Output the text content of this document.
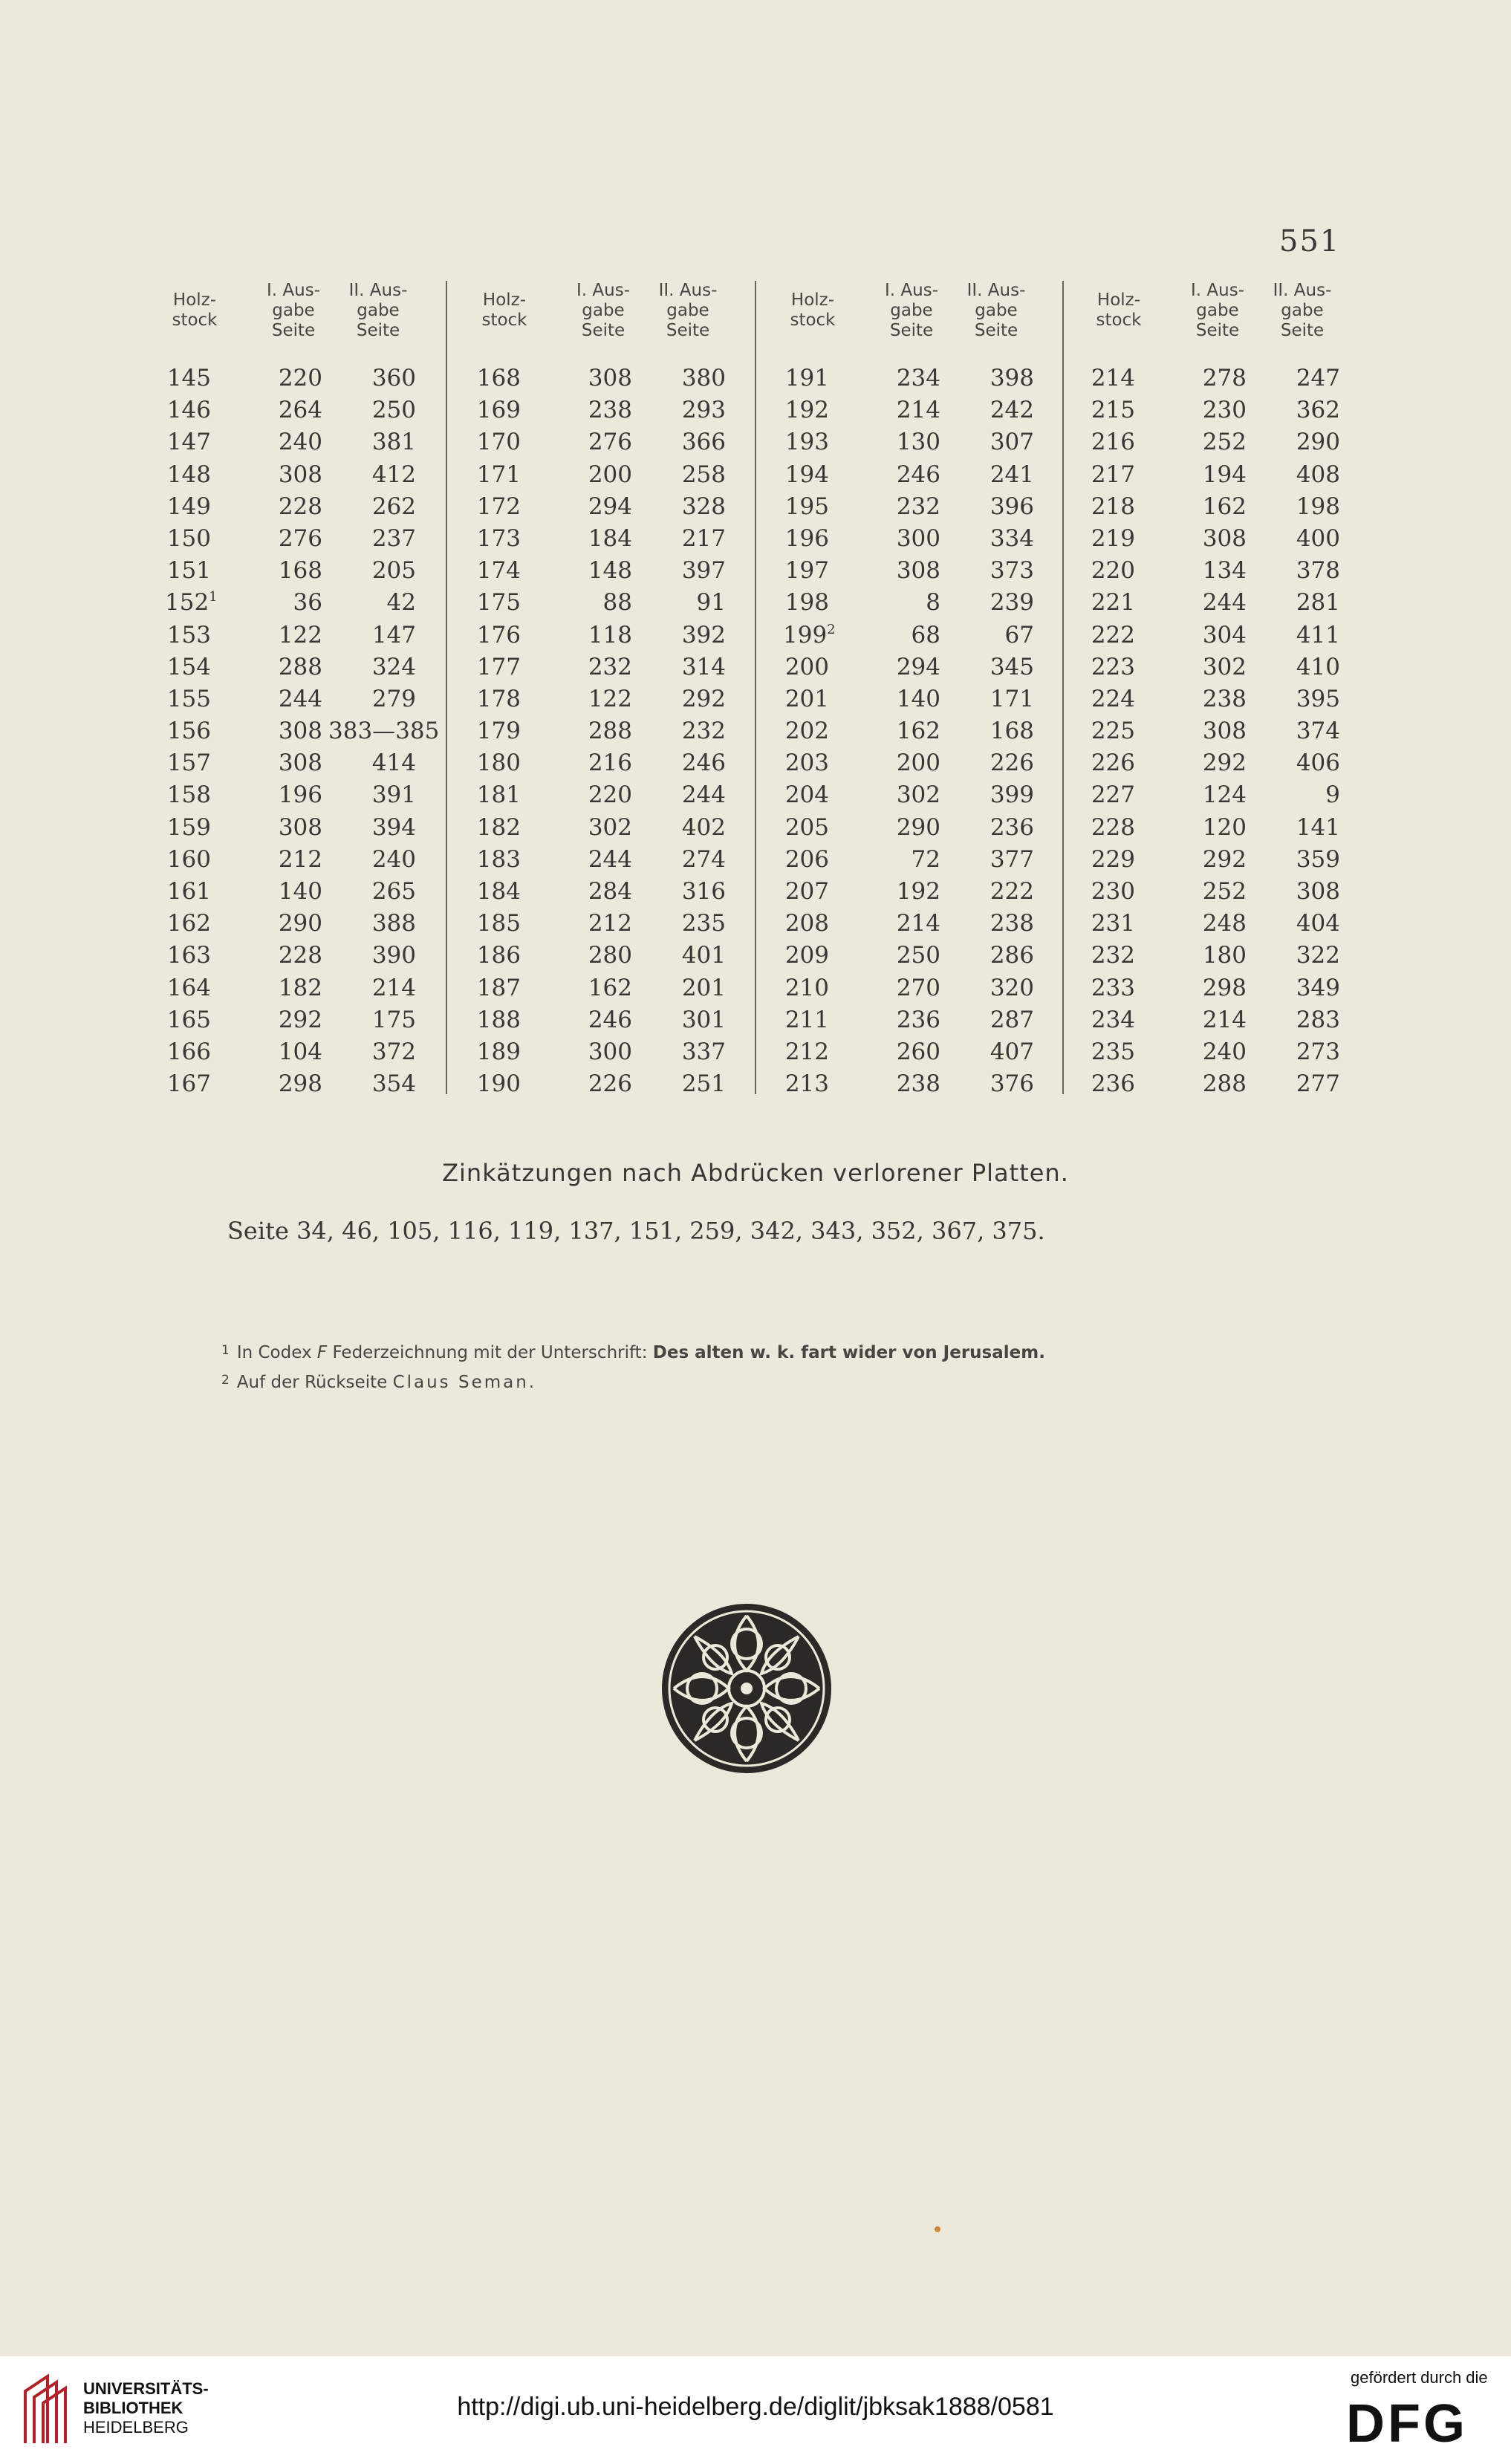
551
Holz-
stock
I. Aus-
gabe
Seite
II. Aus-
gabe
Seite
145	220	360
146	264	250
147	240	381
148	308	412
149	228	262
150	276	237
151	168	205
$152^1$	36	42
153	122	147
154	288	324
155	244	279
156	308 383—385
157	308	414
158	196	391
159	308	394
160	212	240
161	140	265
162	290	388
163	228	390
164	182	214
165	292	175
166	104	372
167	298	354
Holz-
stock
I. Aus-
gabe
Seite
II. Aus-
gabe
Seite
168	308	380
169	238	293
170	276	366
171	200	258
172	294	328
173	184	217
174	148	397
175	88	91
176	118	392
177	232	314
178	122	292
179	288	232
180	216	246
181	220	244
182	302	402
183	244	274
184	284	316
185	212	235
186	280	401
187	162	201
188	246	301
189	300	337
190	226	251
Holz-
stock
I. Aus-
gabe
Seite
II. Aus-
gabe
Seite
191	234	398
192	214	242
193	130	307
194	246	241
195	232	396
196	300	334
197	308	373
198	8	239
$199^2$	68	67
200	294	345
201	140	171
202	162	168
203	200	226
204	302	399
205	290	236
206	72	377
207	192	222
208	214	238
209	250	286
210	270	320
211	236	287
212	260	407
213	238	376
Holz-
stock
I. Aus-
gabe
Seite
II. Aus-
gabe
Seite
214	278	247
215	230	362
216	252	290
217	194	408
218	162	198
219	308	400
220	134	378
221	244	281
222	304	411
223	302	410
224	238	395
225	308	374
226	292	406
227	124	9
228	120	141
229	292	359
230	252	308
231	248	404
232	180	322
233	298	349
234	214	283
235	240	273
236	288	277
Zinkätzungen nach Abdrücken verlorener Platten.
Seite 34, 46, 105, 116, 119, 137, 151, 259, 342, 343, 352, 367, 375.
$^1$ In Codex F Federzeichnung mit der Unterschrift: Des alten w. k. fart wider von Jerusalem.
$^2$ Auf der Rückseite Claus Seman.
UNIVERSITÄTS-
BIBLIOTHEK
HEIDELBERG
http://digi.ub.uni-heidelberg.de/diglit/jbksak1888/0581
gefördert durch die
DFG
